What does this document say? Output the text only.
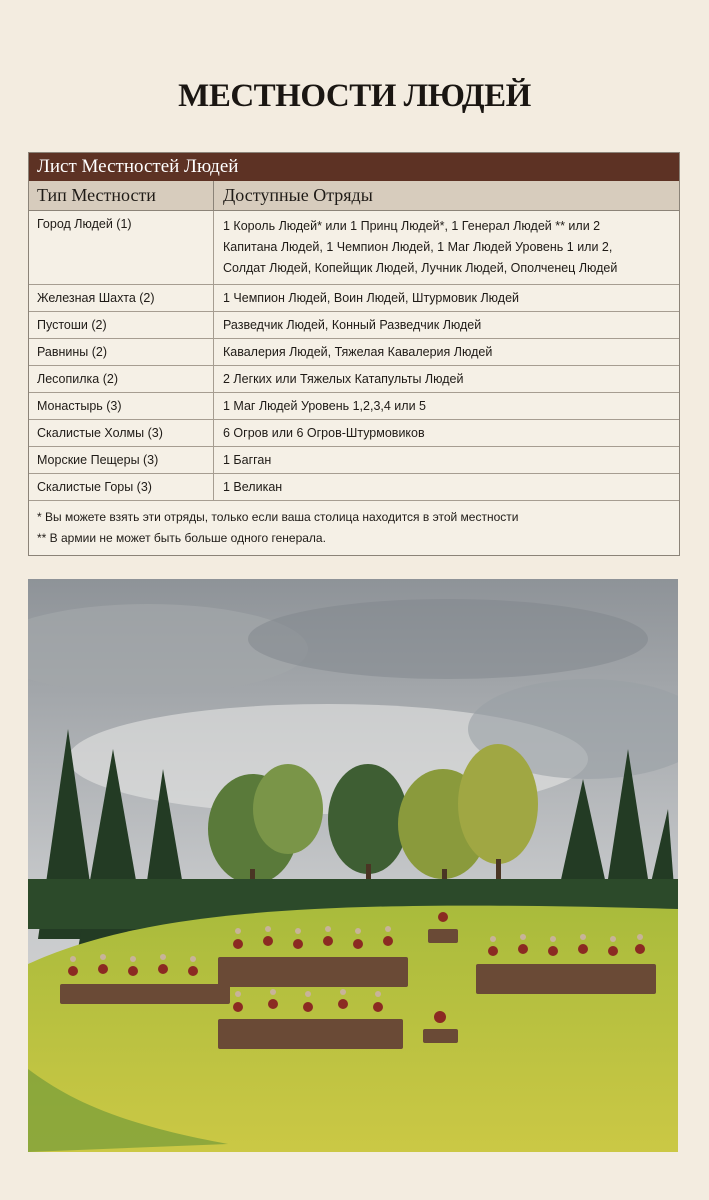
МЕСТНОСТИ ЛЮДЕЙ
Лист Местностей Людей
Тип Местности	Доступные Отряды
Город Людей (1)	1 Король Людей* или 1 Принц Людей*, 1 Генерал Людей ** или 2
Капитана Людей, 1 Чемпион Людей, 1 Маг Людей Уровень 1 или 2,
Солдат Людей, Копейщик Людей, Лучник Людей, Ополченец Людей
Железная Шахта (2)	1 Чемпион Людей, Воин Людей, Штурмовик Людей
Пустоши (2)	Разведчик Людей, Конный Разведчик Людей
Равнины (2)	Кавалерия Людей, Тяжелая Кавалерия Людей
Лесопилка (2)	2 Легких или Тяжелых Катапульты Людей
Монастырь (3)	1 Маг Людей Уровень 1,2,3,4 или 5
Скалистые Холмы (3)	6 Огров или 6 Огров-Штурмовиков
Морские Пещеры (3)	1 Багган
Скалистые Горы (3)	1 Великан
* Вы можете взять эти отряды, только если ваша столица находится в этой местности
** В армии не может быть больше одного генерала.
